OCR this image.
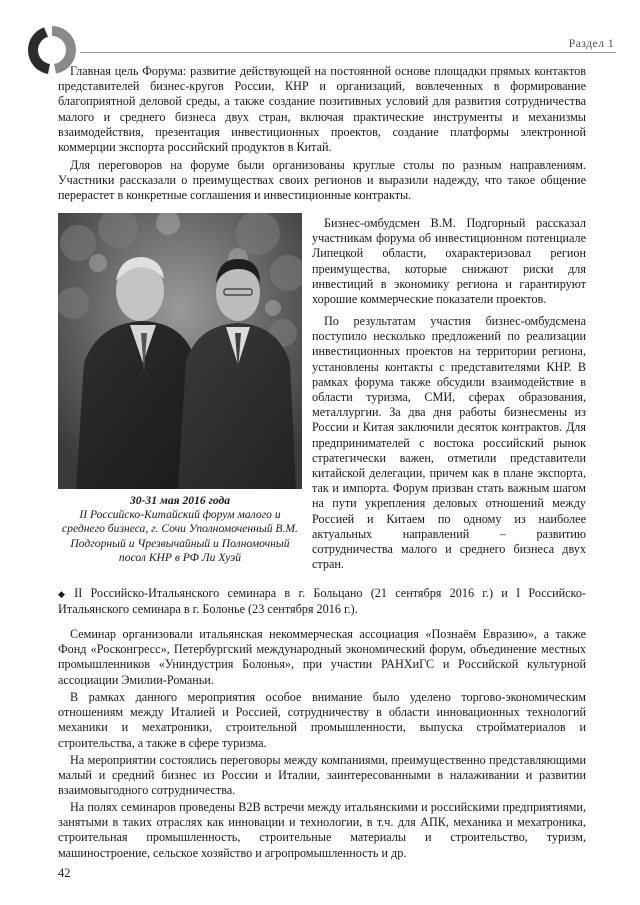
Раздел 1

Главная цель Форума: развитие действующей на постоянной основе площадки прямых контактов представителей бизнес-кругов России, КНР и организаций, вовлеченных в формирование благоприятной деловой среды, а также создание позитивных условий для развития сотрудничества малого и среднего бизнеса двух стран, включая практические инструменты и механизмы взаимодействия, презентация инвестиционных проектов, создание платформы электронной коммерции экспорта российский продуктов в Китай.

Для переговоров на форуме были организованы круглые столы по разным направлениям. Участники рассказали о преимуществах своих регионов и выразили надежду, что такое общение перерастет в конкретные соглашения и инвестиционные контракты.

30-31 мая 2016 года
II Российско-Китайский форум малого и среднего бизнеса, г. Сочи Уполномоченный В.М. Подгорный и Чрезвычайный и Полномочный посол КНР в РФ Ли Хуэй

Бизнес-омбудсмен В.М. Подгорный рассказал участникам форума об инвестиционном потенциале Липецкой области, охарактеризовал регион преимущества, которые снижают риски для инвестиций в экономику региона и гарантируют хорошие коммерческие показатели проектов.

По результатам участия бизнес-омбудсмена поступило несколько предложений по реализации инвестиционных проектов на территории региона, установлены контакты с представителями КНР. В рамках форума также обсудили взаимодействие в области туризма, СМИ, сферах образования, металлургии. За два дня работы бизнесмены из России и Китая заключили десяток контрактов. Для предпринимателей с востока российский рынок стратегически важен, отметили представители китайской делегации, причем как в плане экспорта, так и импорта. Форум призван стать важным шагом на пути укрепления деловых отношений между Россией и Китаем по одному из наиболее актуальных направлений – развитию сотрудничества малого и среднего бизнеса двух стран.

◆ II Российско-Итальянского семинара в г. Больцано (21 сентября 2016 г.) и I Российско-Итальянского семинара в г. Болонье (23 сентября 2016 г.).

Семинар организовали итальянская некоммерческая ассоциация «Познаём Евразию», а также Фонд «Росконгресс», Петербургский международный экономический форум, объединение местных промышленников «Униндустрия Болонья», при участии РАНХиГС и Российской культурной ассоциации Эмилии-Романьи.

В рамках данного мероприятия особое внимание было уделено торгово-экономическим отношениям между Италией и Россией, сотрудничеству в области инновационных технологий механики и мехатроники, строительной промышленности, выпуска стройматериалов и строительства, а также в сфере туризма.

На мероприятии состоялись переговоры между компаниями, преимущественно представляющими малый и средний бизнес из России и Италии, заинтересованными в налаживании и развитии взаимовыгодного сотрудничества.

На полях семинаров проведены B2B встречи между итальянскими и российскими предприятиями, занятыми в таких отраслях как инновации и технологии, в т.ч. для АПК, механика и мехатроника, строительная промышленность, строительные материалы и строительство, туризм, машиностроение, сельское хозяйство и агропромышленность и др.

42
